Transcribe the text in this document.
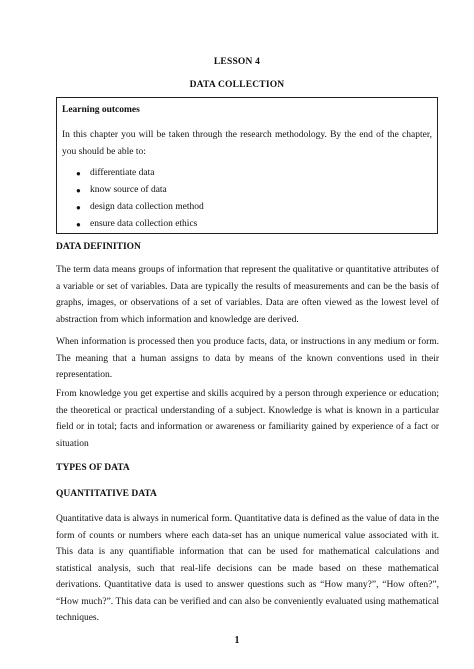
LESSON 4
DATA COLLECTION
Learning outcomes

In this chapter you will be taken through the research methodology. By the end of the chapter, you should be able to:

● differentiate data
● know source of data
● design data collection method
● ensure data collection ethics
DATA DEFINITION

The term data means groups of information that represent the qualitative or quantitative attributes of a variable or set of variables. Data are typically the results of measurements and can be the basis of graphs, images, or observations of a set of variables. Data are often viewed as the lowest level of abstraction from which information and knowledge are derived.

When information is processed then you produce facts, data, or instructions in any medium or form. The meaning that a human assigns to data by means of the known conventions used in their representation.

From knowledge you get expertise and skills acquired by a person through experience or education; the theoretical or practical understanding of a subject. Knowledge is what is known in a particular field or in total; facts and information or awareness or familiarity gained by experience of a fact or situation

TYPES OF DATA
QUANTITATIVE DATA

Quantitative data is always in numerical form. Quantitative data is defined as the value of data in the form of counts or numbers where each data-set has an unique numerical value associated with it. This data is any quantifiable information that can be used for mathematical calculations and statistical analysis, such that real-life decisions can be made based on these mathematical derivations. Quantitative data is used to answer questions such as “How many?”, “How often?”, “How much?”. This data can be verified and can also be conveniently evaluated using mathematical techniques.

1
